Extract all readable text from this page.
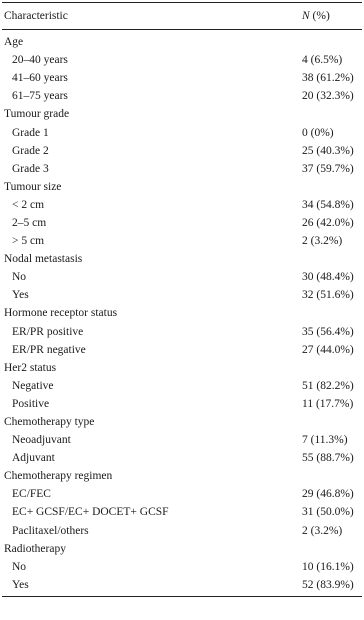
Characteristic	N (%)
Age
20–40 years	4 (6.5%)
41–60 years	38 (61.2%)
61–75 years	20 (32.3%)
Tumour grade
Grade 1	0 (0%)
Grade 2	25 (40.3%)
Grade 3	37 (59.7%)
Tumour size
< 2 cm	34 (54.8%)
2–5 cm	26 (42.0%)
> 5 cm	2 (3.2%)
Nodal metastasis
No	30 (48.4%)
Yes	32 (51.6%)
Hormone receptor status
ER/PR positive	35 (56.4%)
ER/PR negative	27 (44.0%)
Her2 status
Negative	51 (82.2%)
Positive	11 (17.7%)
Chemotherapy type
Neoadjuvant	7 (11.3%)
Adjuvant	55 (88.7%)
Chemotherapy regimen
EC/FEC	29 (46.8%)
EC+ GCSF/EC+ DOCET+ GCSF	31 (50.0%)
Paclitaxel/others	2 (3.2%)
Radiotherapy
No	10 (16.1%)
Yes	52 (83.9%)
